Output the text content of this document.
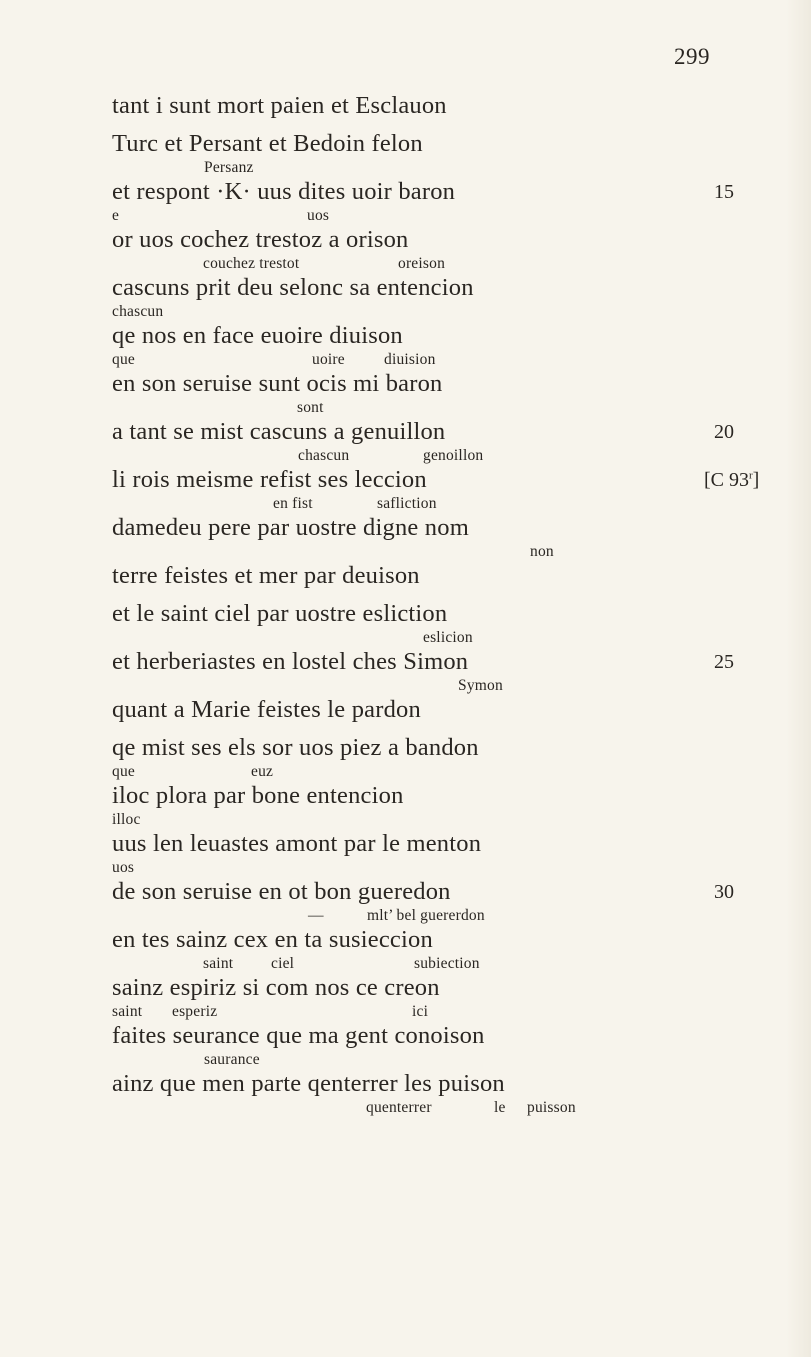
299
tant i sunt mort paien et Esclauon
Turc et Persant et Bedoin felon
Persanz
et respont ·K· uus dites uoir baron
e	uos
or uos cochez trestoz a orison
couchez trestot	oreison
cascuns prit deu selonc sa entencion
chascun
qe nos en face euoire diuison
que	uoire	diuision
en son seruise sunt ocis mi baron
sont
a tant se mist cascuns a genuillon
chascun	genoillon
li rois meisme refist ses leccion
en fist	safliction
damedeu pere par uostre digne nom
non
terre feistes et mer par deuison
et le saint ciel par uostre esliction
eslicion
et herberiastes en lostel ches Simon
Symon
quant a Marie feistes le pardon
qe mist ses els sor uos piez a bandon
que	euz
iloc plora par bone entencion
illoc
uus len leuastes amont par le menton
uos
de son seruise en ot bon gueredon
—	mlt’ bel guererdon
en tes sainz cex en ta susieccion
saint ciel	subiection
sainz espiriz si com nos ce creon
saint esperiz	ici
faites seurance que ma gent conoison
saurance
ainz que men parte qenterrer les puison
quenterrer	le puisson
15
20
25
30
[C 93$^r$]
